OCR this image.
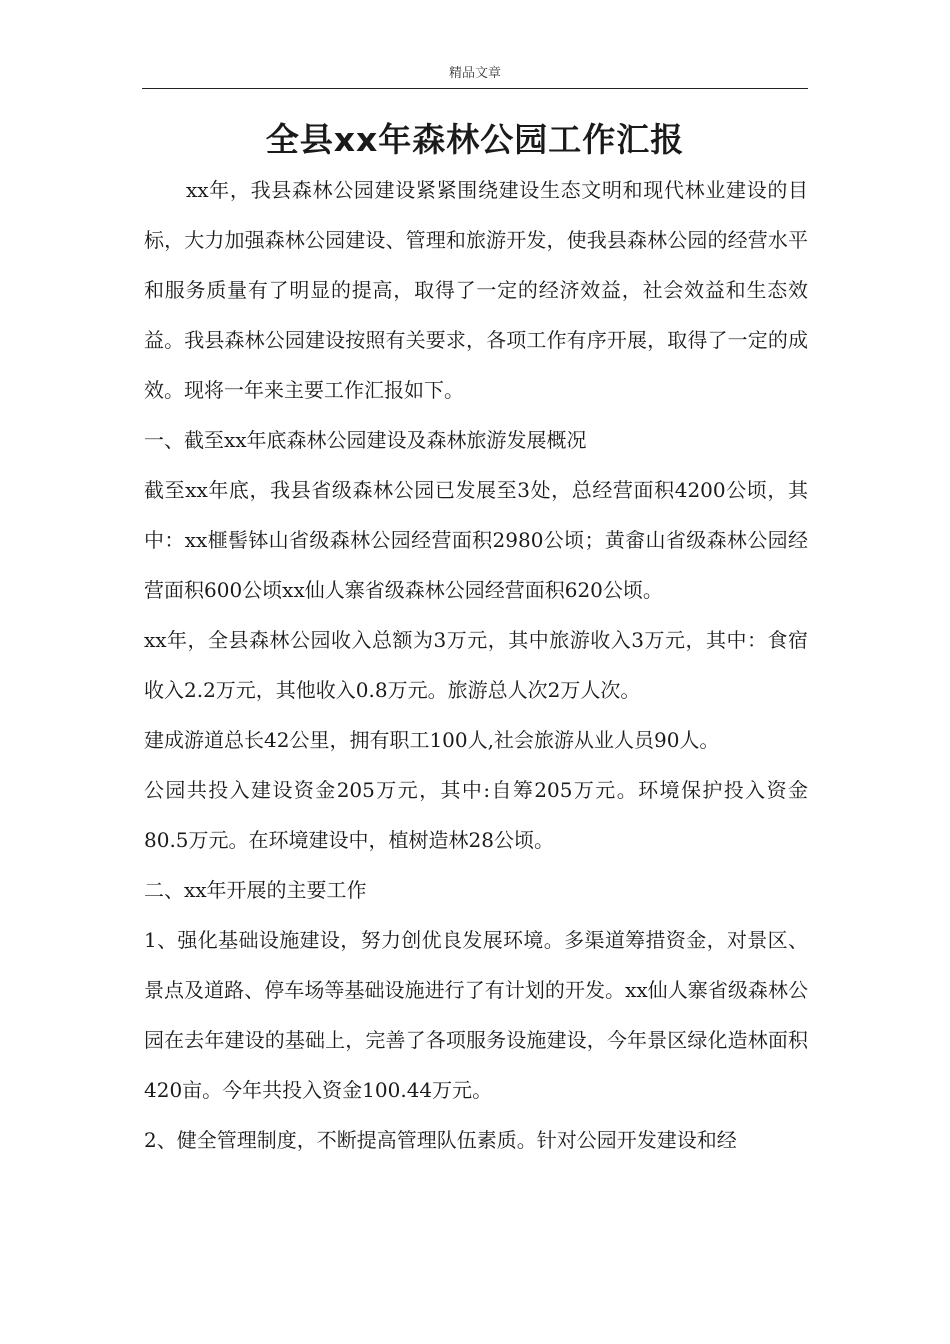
精品文章
全县xx年森林公园工作汇报

xx年，我县森林公园建设紧紧围绕建设生态文明和现代林业建设的目标，大力加强森林公园建设、管理和旅游开发，使我县森林公园的经营水平和服务质量有了明显的提高，取得了一定的经济效益，社会效益和生态效益。我县森林公园建设按照有关要求，各项工作有序开展，取得了一定的成效。现将一年来主要工作汇报如下。

一、截至xx年底森林公园建设及森林旅游发展概况

截至xx年底，我县省级森林公园已发展至3处，总经营面积4200公顷，其中：xx榧髻钵山省级森林公园经营面积2980公顷；黄畲山省级森林公园经营面积600公顷xx仙人寨省级森林公园经营面积620公顷。

xx年，全县森林公园收入总额为3万元，其中旅游收入3万元，其中：食宿收入2.2万元，其他收入0.8万元。旅游总人次2万人次。

建成游道总长42公里，拥有职工100人,社会旅游从业人员90人。

公园共投入建设资金205万元，其中:自筹205万元。环境保护投入资金80.5万元。在环境建设中，植树造林28公顷。

二、xx年开展的主要工作

1、强化基础设施建设，努力创优良发展环境。多渠道筹措资金，对景区、景点及道路、停车场等基础设施进行了有计划的开发。xx仙人寨省级森林公园在去年建设的基础上，完善了各项服务设施建设，今年景区绿化造林面积420亩。今年共投入资金100.44万元。

2、健全管理制度，不断提高管理队伍素质。针对公园开发建设和经
